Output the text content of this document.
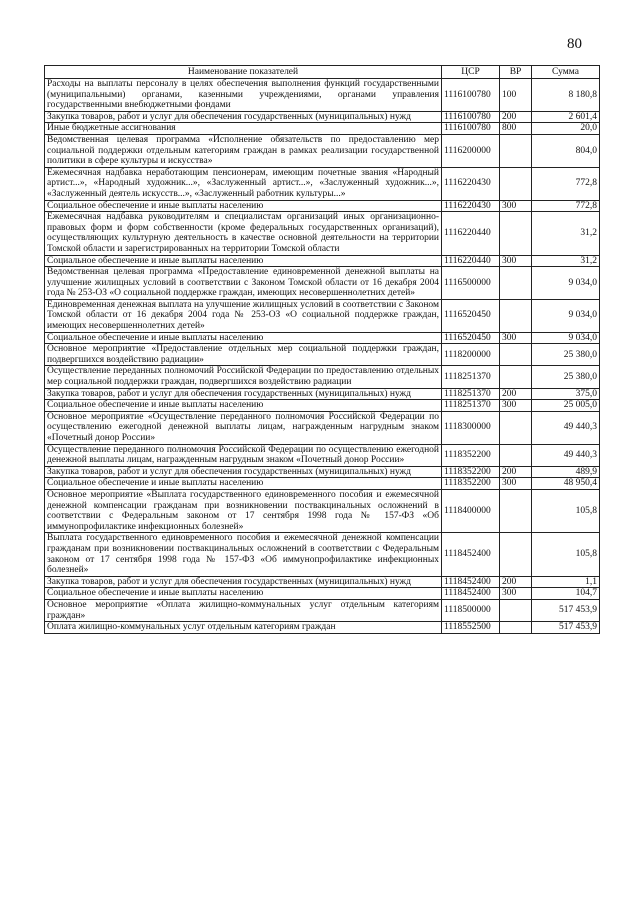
80
Наименование показателей	ЦСР	ВР	Сумма
Расходы на выплаты персоналу в целях обеспечения выполнения функций государственными (муниципальными) органами, казенными учреждениями, органами управления государственными внебюджетными фондами	1116100780	100	8 180,8
Закупка товаров, работ и услуг для обеспечения государственных (муниципальных) нужд	1116100780	200	2 601,4
Иные бюджетные ассигнования	1116100780	800	20,0
Ведомственная целевая программа «Исполнение обязательств по предоставлению мер социальной поддержки отдельным категориям граждан в рамках реализации государственной политики в сфере культуры и искусства»	1116200000		804,0
Ежемесячная надбавка неработающим пенсионерам, имеющим почетные звания «Народный артист...», «Народный художник...», «Заслуженный артист...», «Заслуженный художник...», «Заслуженный деятель искусств...», «Заслуженный работник культуры...»	1116220430		772,8
Социальное обеспечение и иные выплаты населению	1116220430	300	772,8
Ежемесячная надбавка руководителям и специалистам организаций иных организационно-правовых форм и форм собственности (кроме федеральных государственных организаций), осуществляющих культурную деятельность в качестве основной деятельности на территории Томской области и зарегистрированных на территории Томской области	1116220440		31,2
Социальное обеспечение и иные выплаты населению	1116220440	300	31,2
Ведомственная целевая программа «Предоставление единовременной денежной выплаты на улучшение жилищных условий в соответствии с Законом Томской области от 16 декабря 2004 года № 253-ОЗ «О социальной поддержке граждан, имеющих несовершеннолетних детей»	1116500000		9 034,0
Единовременная денежная выплата на улучшение жилищных условий в соответствии с Законом Томской области от 16 декабря 2004 года № 253-ОЗ «О социальной поддержке граждан, имеющих несовершеннолетних детей»	1116520450		9 034,0
Социальное обеспечение и иные выплаты населению	1116520450	300	9 034,0
Основное мероприятие «Предоставление отдельных мер социальной поддержки граждан, подвергшихся воздействию радиации»	1118200000		25 380,0
Осуществление переданных полномочий Российской Федерации по предоставлению отдельных мер социальной поддержки граждан, подвергшихся воздействию радиации	1118251370		25 380,0
Закупка товаров, работ и услуг для обеспечения государственных (муниципальных) нужд	1118251370	200	375,0
Социальное обеспечение и иные выплаты населению	1118251370	300	25 005,0
Основное мероприятие «Осуществление переданного полномочия Российской Федерации по осуществлению ежегодной денежной выплаты лицам, награжденным нагрудным знаком «Почетный донор России»	1118300000		49 440,3
Осуществление переданного полномочия Российской Федерации по осуществлению ежегодной денежной выплаты лицам, награжденным нагрудным знаком «Почетный донор России»	1118352200		49 440,3
Закупка товаров, работ и услуг для обеспечения государственных (муниципальных) нужд	1118352200	200	489,9
Социальное обеспечение и иные выплаты населению	1118352200	300	48 950,4
Основное мероприятие «Выплата государственного единовременного пособия и ежемесячной денежной компенсации гражданам при возникновении поствакцинальных осложнений в соответствии с Федеральным законом от 17 сентября 1998 года № 157-ФЗ «Об иммунопрофилактике инфекционных болезней»	1118400000		105,8
Выплата государственного единовременного пособия и ежемесячной денежной компенсации гражданам при возникновении поствакцинальных осложнений в соответствии с Федеральным законом от 17 сентября 1998 года № 157-ФЗ «Об иммунопрофилактике инфекционных болезней»	1118452400		105,8
Закупка товаров, работ и услуг для обеспечения государственных (муниципальных) нужд	1118452400	200	1,1
Социальное обеспечение и иные выплаты населению	1118452400	300	104,7
Основное мероприятие «Оплата жилищно-коммунальных услуг отдельным категориям граждан»	1118500000		517 453,9
Оплата жилищно-коммунальных услуг отдельным категориям граждан	1118552500		517 453,9
